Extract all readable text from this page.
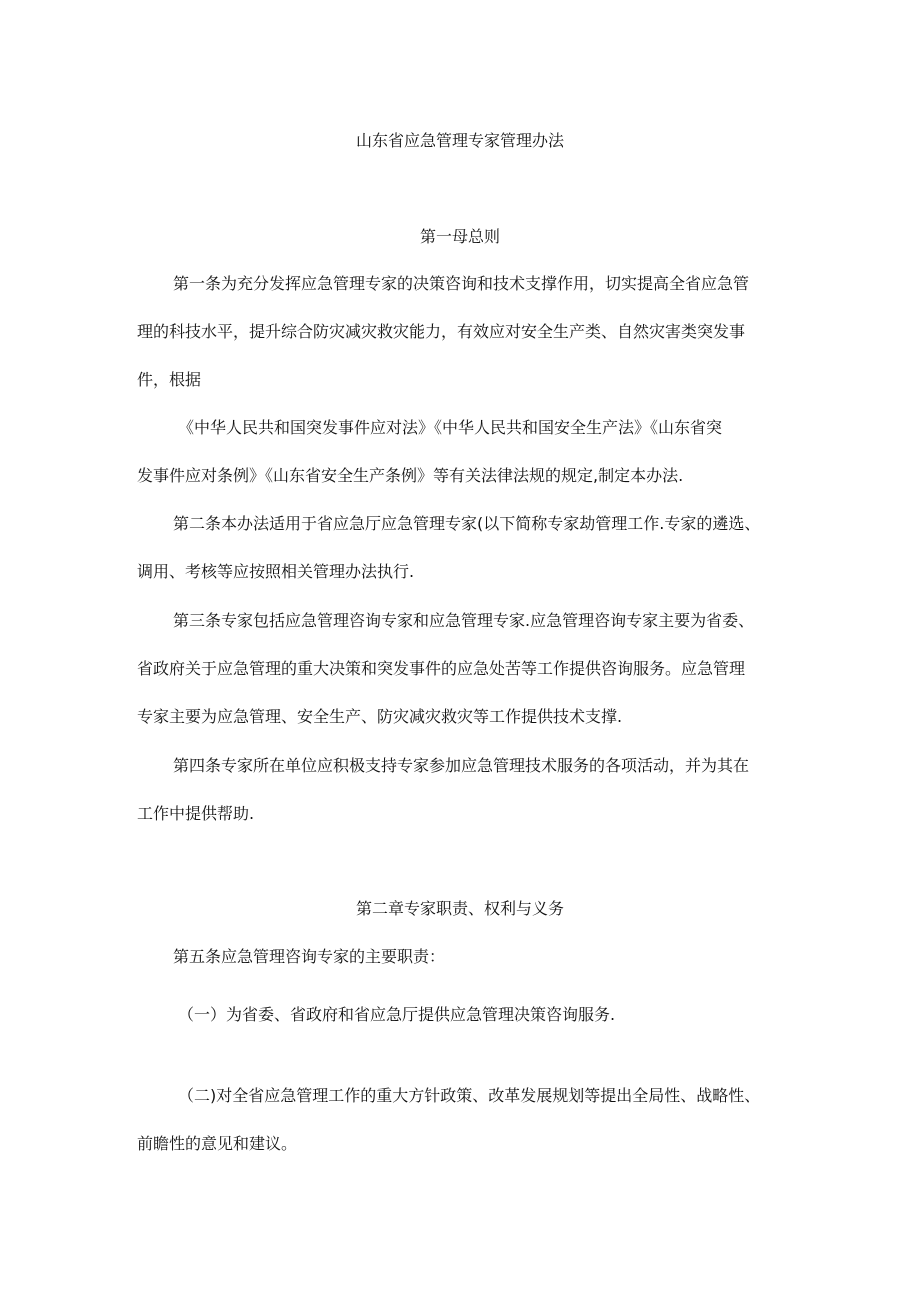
山东省应急管理专家管理办法
第一母总则
第一条为充分发挥应急管理专家的决策咨询和技术支撑作用，切实提高全省应急管
理的科技水平，提升综合防灾减灾救灾能力，有效应对安全生产类、自然灾害类突发事
件，根据
《中华人民共和国突发事件应对法》《中华人民共和国安全生产法》《山东省突
发事件应对条例》《山东省安全生产条例》等有关法律法规的规定,制定本办法.
第二条本办法适用于省应急厅应急管理专家(以下简称专家劫管理工作.专家的遴选、
调用、考核等应按照相关管理办法执行.
第三条专家包括应急管理咨询专家和应急管理专家.应急管理咨询专家主要为省委、
省政府关于应急管理的重大决策和突发事件的应急处苦等工作提供咨询服务。应急管理
专家主要为应急管理、安全生产、防灾减灾救灾等工作提供技术支撑.
第四条专家所在单位应积极支持专家参加应急管理技术服务的各项活动，并为其在
工作中提供帮助.
第二章专家职责、权利与义务
第五条应急管理咨询专家的主要职责：
（一）为省委、省政府和省应急厅提供应急管理决策咨询服务.
（二)对全省应急管理工作的重大方针政策、改革发展规划等提出全局性、战略性、
前瞻性的意见和建议。
